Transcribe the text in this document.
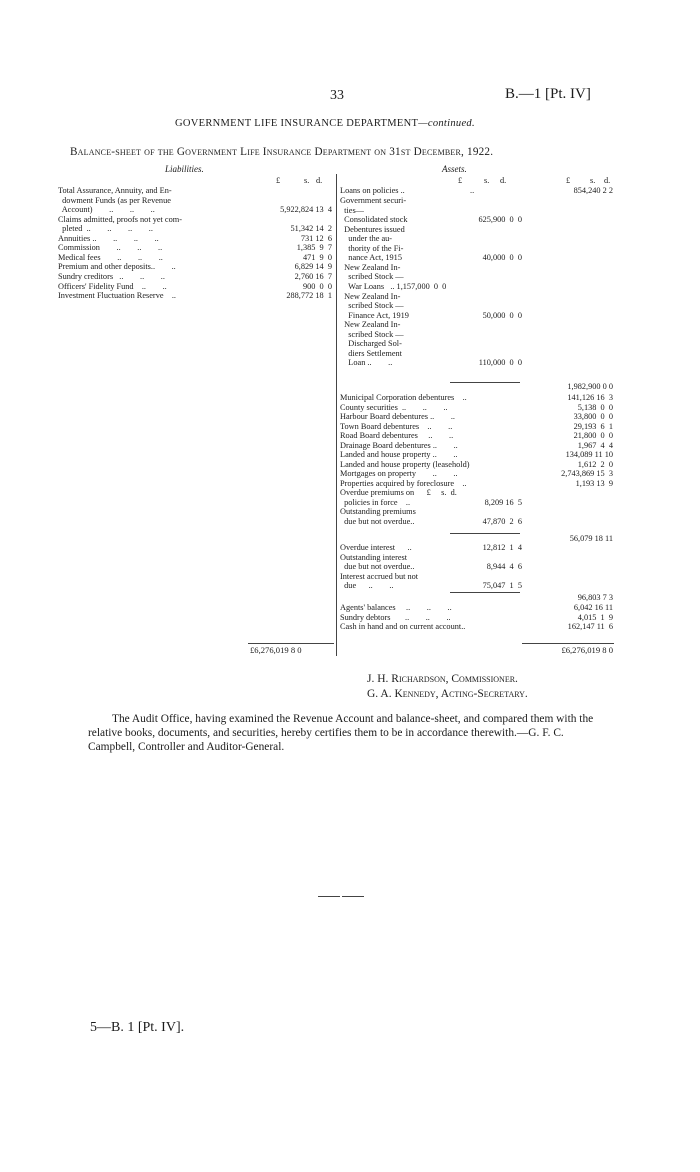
33	B.—1 [Pt. IV]
GOVERNMENT LIFE INSURANCE DEPARTMENT—continued.
Balance-sheet of the Government Life Insurance Department on 31st December, 1922.
Liabilities.
£	s. d.
Total Assurance, Annuity, and En-
dowment Funds (as per Revenue
Account)        ..        ..        ..	5,922,824 13  4
Claims admitted, proofs not yet com-
pleted  ..        ..        ..        ..	51,342 14  2
Annuities ..        ..        ..        ..	731 12  6
Commission        ..        ..        ..	1,385  9  7
Medical fees        ..        ..        ..	471  9  0
Premium and other deposits..        ..	6,829 14  9
Sundry creditors   ..        ..        ..	2,760 16  7
Officers' Fidelity Fund    ..        ..	900  0  0
Investment Fluctuation Reserve    ..	288,772 18  1
£6,276,019 8 0
Assets.
£	s. d.	£ s. d.
Loans on policies ..	..	854,240 2 2
Government securi-
ties—
Consolidated stock	625,900  0  0
Debentures issued
under the au-
thority of the Fi-
nance Act, 1915	40,000  0  0
New Zealand In-
scribed Stock —
War Loans   .. 1,157,000  0  0
New Zealand In-
scribed Stock —
Finance Act, 1919	50,000  0  0
New Zealand In-
scribed Stock —
Discharged Sol-
diers Settlement
Loan ..        ..	110,000  0  0
1,982,900 0 0
Municipal Corporation debentures    ..	141,126 16  3
County securities  ..        ..        ..	5,138  0  0
Harbour Board debentures ..        ..	33,800  0  0
Town Board debentures    ..        ..	29,193  6  1
Road Board debentures     ..        ..	21,800  0  0
Drainage Board debentures ..        ..	1,967  4  4
Landed and house property ..        ..	134,089 11 10
Landed and house property (leasehold)	1,612  2  0
Mortgages on property        ..        ..	2,743,869 15  3
Properties acquired by foreclosure    ..	1,193 13  9
Overdue premiums on      £     s.  d.
policies in force    ..	8,209 16  5
Outstanding premiums
due but not overdue..	47,870  2  6
56,079 18 11
Overdue interest      ..	12,812  1  4
Outstanding interest
due but not overdue..	8,944  4  6
Interest accrued but not
due      ..        ..	75,047  1  5
96,803 7 3
Agents' balances     ..        ..        ..	6,042 16 11
Sundry debtors       ..        ..        ..	4,015  1  9
Cash in hand and on current account..	162,147 11  6
£6,276,019 8 0
J. H. Richardson, Commissioner.
G. A. Kennedy, Acting-Secretary.
The Audit Office, having examined the Revenue Account and balance-sheet, and compared them with the relative books, documents, and securities, hereby certifies them to be in accordance therewith.—G. F. C. Campbell, Controller and Auditor-General.
5—B. 1 [Pt. IV].
